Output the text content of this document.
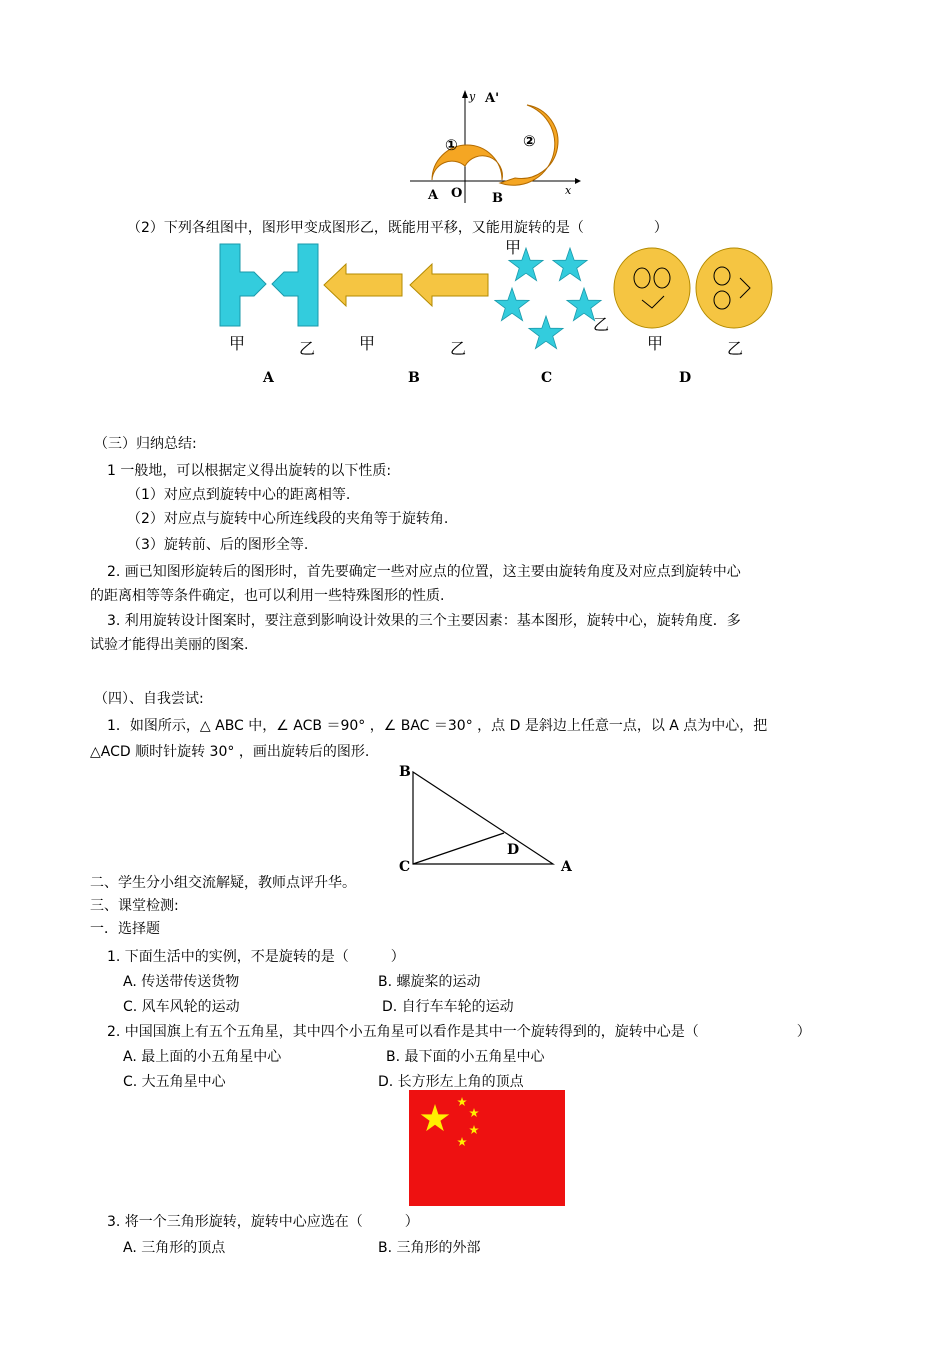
y A'
①	②
A O B
x
（2）下列各组图中，图形甲变成图形乙，既能用平移，又能用旋转的是（　　　　　）
甲	乙	甲	乙
甲
乙
甲	乙
A	B	C	D
（三）归纳总结:
1 一般地，可以根据定义得出旋转的以下性质:
（1）对应点到旋转中心的距离相等.
（2）对应点与旋转中心所连线段的夹角等于旋转角.
（3）旋转前、后的图形全等.
2. 画已知图形旋转后的图形时，首先要确定一些对应点的位置，这主要由旋转角度及对应点到旋转中心
的距离相等等条件确定，也可以利用一些特殊图形的性质.
3. 利用旋转设计图案时，要注意到影响设计效果的三个主要因素：基本图形，旋转中心，旋转角度．多
试验才能得出美丽的图案.
（四）、自我尝试:
1．如图所示，△ ABC 中，∠ ACB ＝90° ，∠ BAC ＝30° ，点 D 是斜边上任意一点，以 A 点为中心，把
△ACD 顺时针旋转 30° ，画出旋转后的图形.
B
C
D
A
二、学生分小组交流解疑，教师点评升华。
三、课堂检测:
一．选择题
1. 下面生活中的实例，不是旋转的是（　　　）
A. 传送带传送货物	B. 螺旋桨的运动
C. 风车风轮的运动	D. 自行车车轮的运动
2. 中国国旗上有五个五角星，其中四个小五角星可以看作是其中一个旋转得到的，旋转中心是（　　　　　　　）
A. 最上面的小五角星中心	B. 最下面的小五角星中心
C. 大五角星中心	D. 长方形左上角的顶点
3. 将一个三角形旋转，旋转中心应选在（　　　）
A. 三角形的顶点	B. 三角形的外部
